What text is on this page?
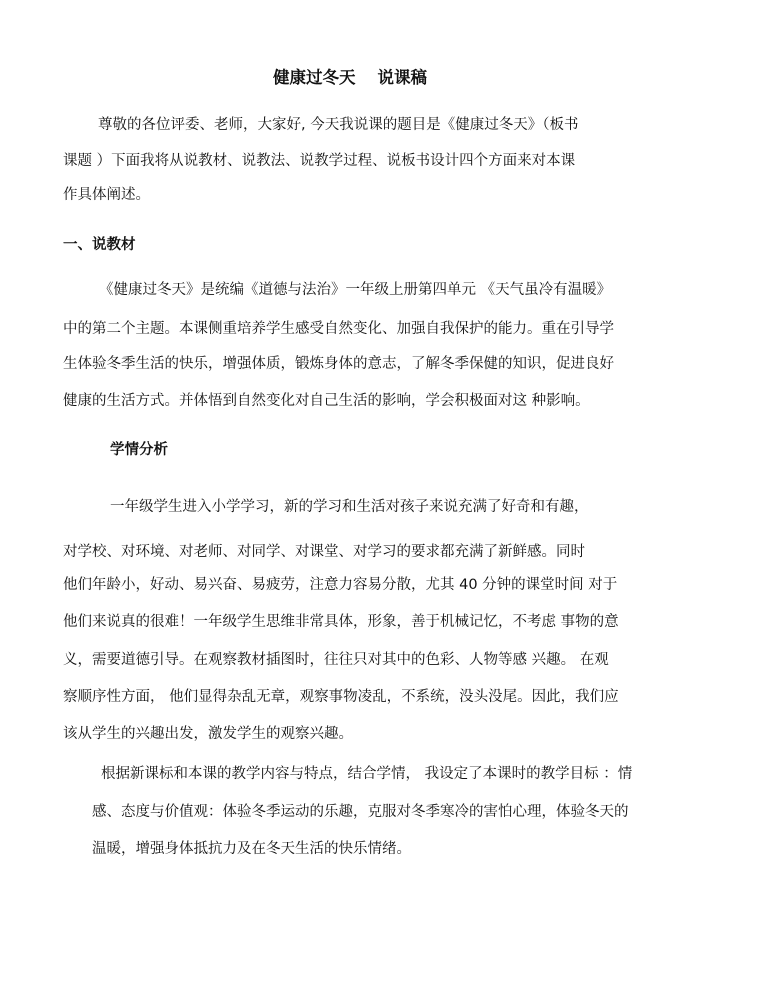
健康过冬天 说课稿
尊敬的各位评委、老师，大家好, 今天我说课的题目是《健康过冬天》（板书
课题 ）下面我将从说教材、说教法、说教学过程、说板书设计四个方面来对本课
作具体阐述。
一、说教材
《健康过冬天》是统编《道德与法治》一年级上册第四单元 《天气虽冷有温暖》
中的第二个主题。本课侧重培养学生感受自然变化、加强自我保护的能力。重在引导学
生体验冬季生活的快乐，增强体质，锻炼身体的意志，了解冬季保健的知识，促进良好
健康的生活方式。并体悟到自然变化对自己生活的影响，学会积极面对这 种影响。
学情分析
一年级学生进入小学学习，新的学习和生活对孩子来说充满了好奇和有趣，
对学校、对环境、对老师、对同学、对课堂、对学习的要求都充满了新鲜感。同时
他们年龄小，好动、易兴奋、易疲劳，注意力容易分散，尤其 40 分钟的课堂时间 对于
他们来说真的很难！一年级学生思维非常具体，形象，善于机械记忆，不考虑 事物的意
义，需要道德引导。在观察教材插图时，往往只对其中的色彩、人物等感 兴趣。 在观
察顺序性方面， 他们显得杂乱无章，观察事物凌乱，不系统，没头没尾。因此，我们应
该从学生的兴趣出发，激发学生的观察兴趣。
根据新课标和本课的教学内容与特点，结合学情， 我设定了本课时的教学目标 ：情
感、态度与价值观：体验冬季运动的乐趣，克服对冬季寒冷的害怕心理，体验冬天的
温暖，增强身体抵抗力及在冬天生活的快乐情绪。
